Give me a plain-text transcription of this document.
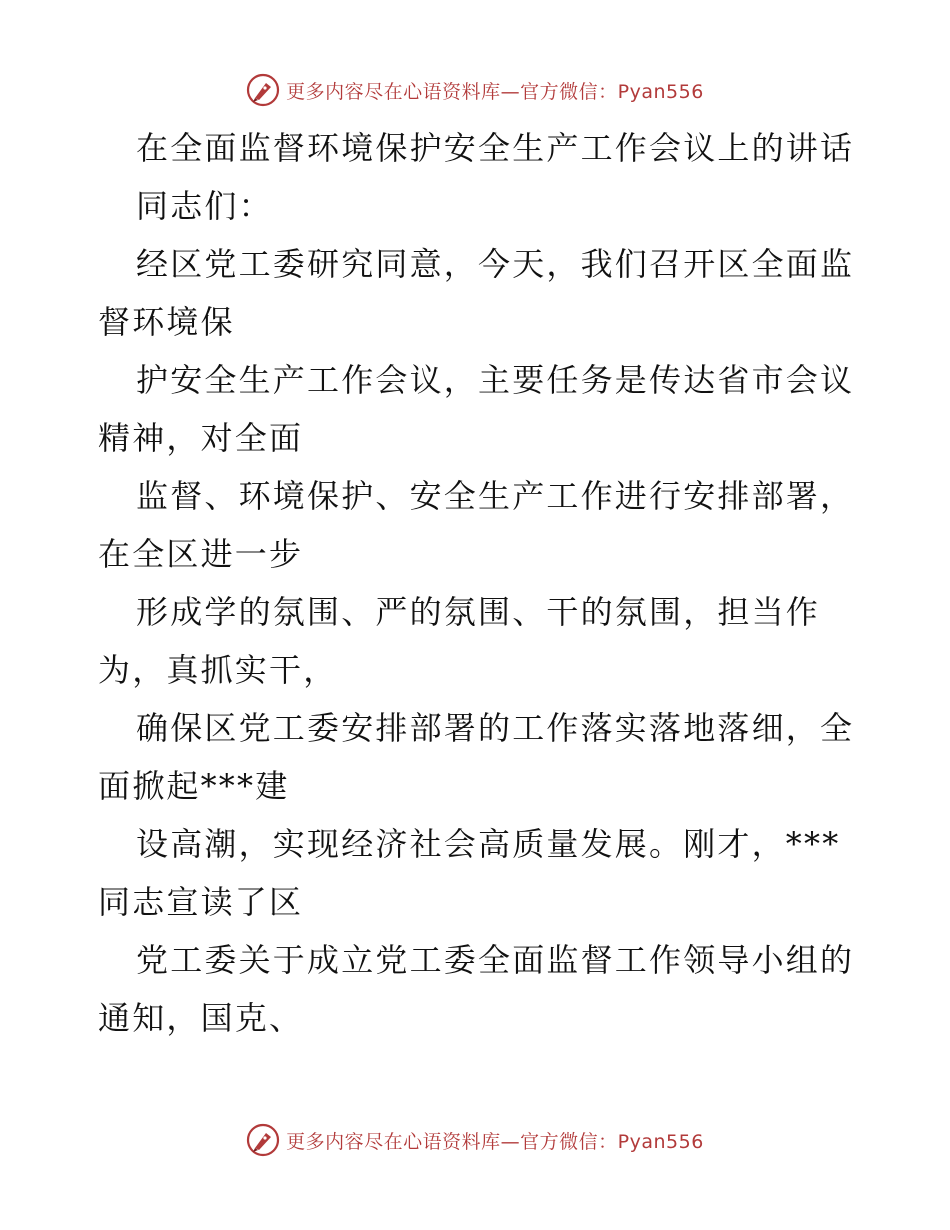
更多内容尽在心语资料库—官方微信：Pyan556
在全面监督环境保护安全生产工作会议上的讲话
同志们：
经区党工委研究同意，今天，我们召开区全面监
督环境保
护安全生产工作会议，主要任务是传达省市会议
精神，对全面
监督、环境保护、安全生产工作进行安排部署，
在全区进一步
形成学的氛围、严的氛围、干的氛围，担当作
为，真抓实干，
确保区党工委安排部署的工作落实落地落细，全
面掀起***建
设高潮，实现经济社会高质量发展。刚才，***
同志宣读了区
党工委关于成立党工委全面监督工作领导小组的
通知，国克、
更多内容尽在心语资料库—官方微信：Pyan556
